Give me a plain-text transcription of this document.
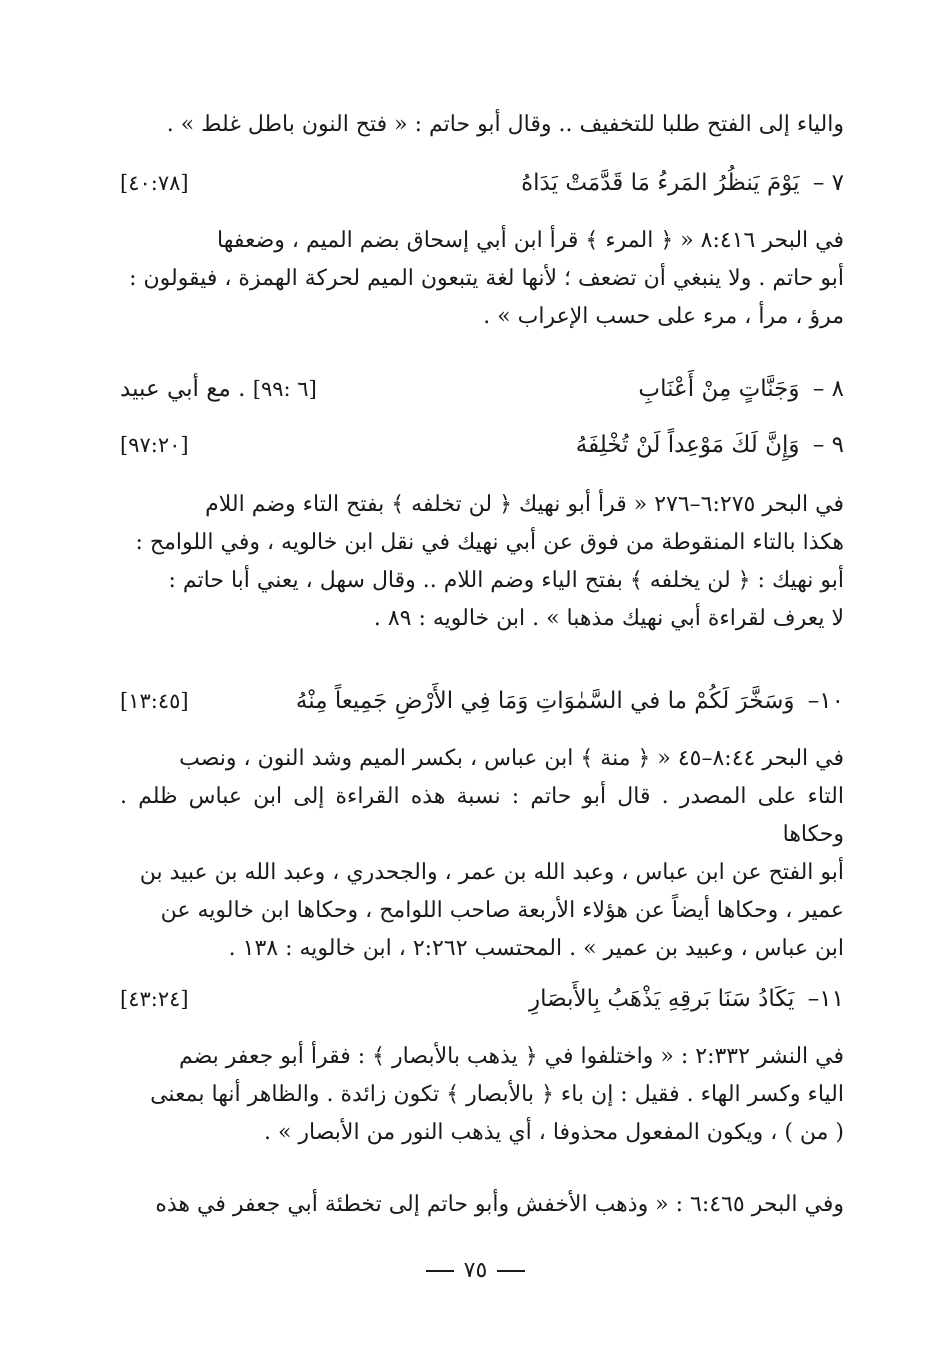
والياء إلى الفتح طلبا للتخفيف .. وقال أبو حاتم : « فتح النون باطل غلط » .

٧ – يَوْمَ يَنظُرُ المَرءُ مَا قَدَّمَتْ يَدَاهُ
[٤٠:٧٨]

في البحر ٨:٤١٦ « ﴿ المرء ﴾ قرأ ابن أبي إسحاق بضم الميم ، وضعفها

أبو حاتم . ولا ينبغي أن تضعف ؛ لأنها لغة يتبعون الميم لحركة الهمزة ، فيقولون :

مرؤ ، مرأ ، مرء على حسب الإعراب » .

٨ – وَجَنَّاتٍ مِنْ أَعْنَابِ
[٦ :٩٩] . مع أبي عبيد
٩ – وَإِنَّ لَكَ مَوْعِداً لَنْ تُخْلِفَهُ
[٩٧:٢٠]

في البحر ٦:٢٧٥–٢٧٦ « قرأ أبو نهيك ﴿ لن تخلفه ﴾ بفتح التاء وضم اللام

هكذا بالتاء المنقوطة من فوق عن أبي نهيك في نقل ابن خالويه ، وفي اللوامح :

أبو نهيك : ﴿ لن يخلفه ﴾ بفتح الياء وضم اللام .. وقال سهل ، يعني أبا حاتم :

لا يعرف لقراءة أبي نهيك مذهبا » . ابن خالويه : ٨٩ .

١٠– وَسَخَّرَ لَكُمْ ما في السَّمٰوَاتِ وَمَا فِي الأَرْضِ جَمِيعاً مِنْهُ
[١٣:٤٥]

في البحر ٨:٤٤–٤٥ « ﴿ منة ﴾ ابن عباس ، بكسر الميم وشد النون ، ونصب

التاء على المصدر . قال أبو حاتم : نسبة هذه القراءة إلى ابن عباس ظلم . وحكاها

أبو الفتح عن ابن عباس ، وعبد الله بن عمر ، والجحدري ، وعبد الله بن عبيد بن

عمير ، وحكاها أيضاً عن هؤلاء الأربعة صاحب اللوامح ، وحكاها ابن خالويه عن

ابن عباس ، وعبيد بن عمير » . المحتسب ٢:٢٦٢ ، ابن خالويه : ١٣٨ .

١١– يَكَادُ سَنَا بَرقِهِ يَذْهَبُ بِالأَبصَارِ
[٤٣:٢٤]

في النشر ٢:٣٣٢ : « واختلفوا في ﴿ يذهب بالأبصار ﴾ : فقرأ أبو جعفر بضم

الياء وكسر الهاء . فقيل : إن باء ﴿ بالأبصار ﴾ تكون زائدة . والظاهر أنها بمعنى

( من ) ، ويكون المفعول محذوفا ، أي يذهب النور من الأبصار » .

وفي البحر ٦:٤٦٥ : « وذهب الأخفش وأبو حاتم إلى تخطئة أبي جعفر في هذه

٧٥
